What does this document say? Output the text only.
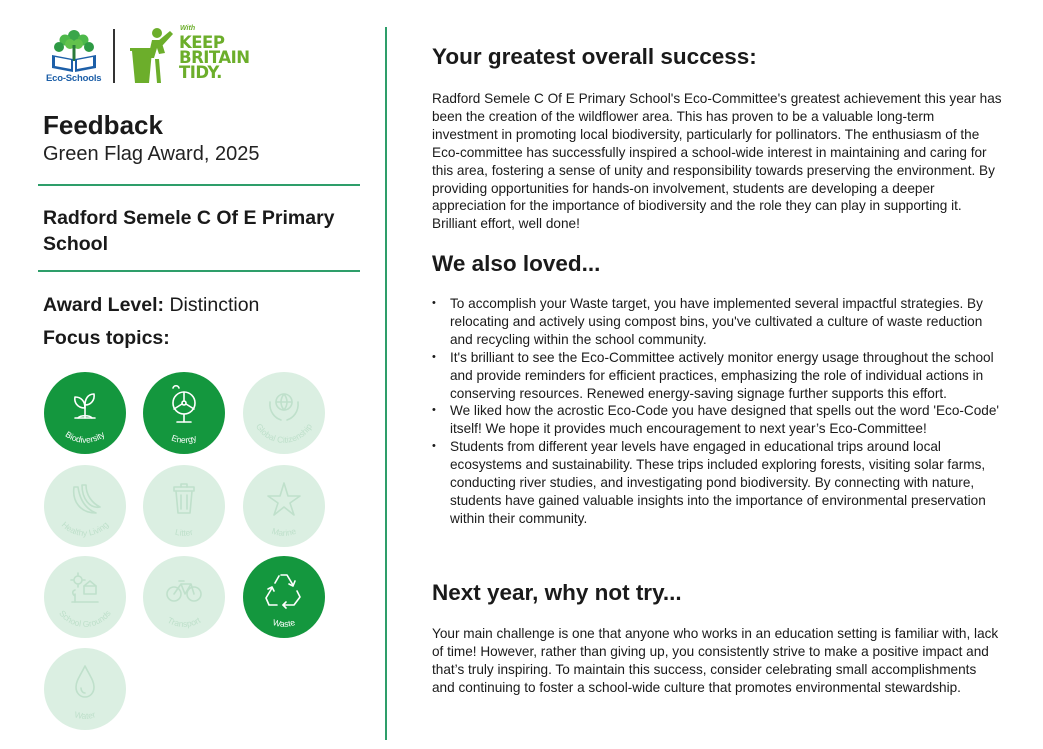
Eco-Schools
With
KEEP
BRITAIN
TIDY.
Feedback
Green Flag Award, 2025
Radford Semele C Of E Primary School
Award Level: Distinction
Focus topics:
Biodiversity	Energy
Global Citizenship
Healthy Living
Litter	Marine
School Grounds
Transport	Waste
Water
Your greatest overall success:

Radford Semele C Of E Primary School's Eco-Committee's greatest achievement this year has been the creation of the wildflower area. This has proven to be a valuable long-term investment in promoting local biodiversity, particularly for pollinators. The enthusiasm of the Eco-committee has successfully inspired a school-wide interest in maintaining and caring for this area, fostering a sense of unity and responsibility towards preserving the environment. By providing opportunities for hands-on involvement, students are developing a deeper appreciation for the importance of biodiversity and the role they can play in supporting it. Brilliant effort, well done!

We also loved...
• To accomplish your Waste target, you have implemented several impactful strategies. By relocating and actively using compost bins, you've cultivated a culture of waste reduction and recycling within the school community.
• It's brilliant to see the Eco-Committee actively monitor energy usage throughout the school and provide reminders for efficient practices, emphasizing the role of individual actions in conserving resources. Renewed energy-saving signage further supports this effort.
• We liked how the acrostic Eco-Code you have designed that spells out the word 'Eco-Code' itself! We hope it provides much encouragement to next year’s Eco-Committee!
• Students from different year levels have engaged in educational trips around local ecosystems and sustainability. These trips included exploring forests, visiting solar farms, conducting river studies, and investigating pond biodiversity. By connecting with nature, students have gained valuable insights into the importance of environmental preservation within their community.
Next year, why not try...

Your main challenge is one that anyone who works in an education setting is familiar with, lack of time! However, rather than giving up, you consistently strive to make a positive impact and that’s truly inspiring. To maintain this success, consider celebrating small accomplishments and continuing to foster a school-wide culture that promotes environmental stewardship.
